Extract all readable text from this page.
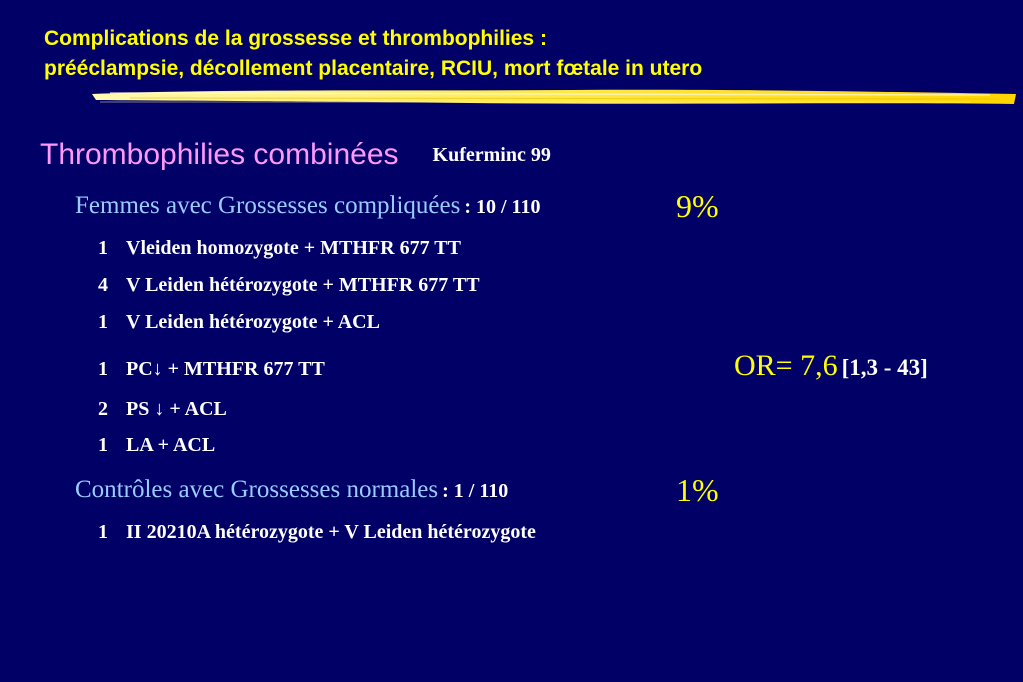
Complications de la grossesse et thrombophilies :
prééclampsie, décollement placentaire, RCIU, mort fœtale in utero
Thrombophilies combinées Kuferminc 99
Femmes avec Grossesses compliquées : 10 / 110	9%
1 Vleiden homozygote + MTHFR 677 TT
4 V Leiden hétérozygote + MTHFR 677 TT
1 V Leiden hétérozygote + ACL
1 PC↓ + MTHFR 677 TT
2 PS ↓ + ACL
1 LA + ACL
OR= 7,6 [1,3 - 43]
Contrôles avec Grossesses normales : 1 / 110	1%
1 II 20210A hétérozygote + V Leiden hétérozygote
